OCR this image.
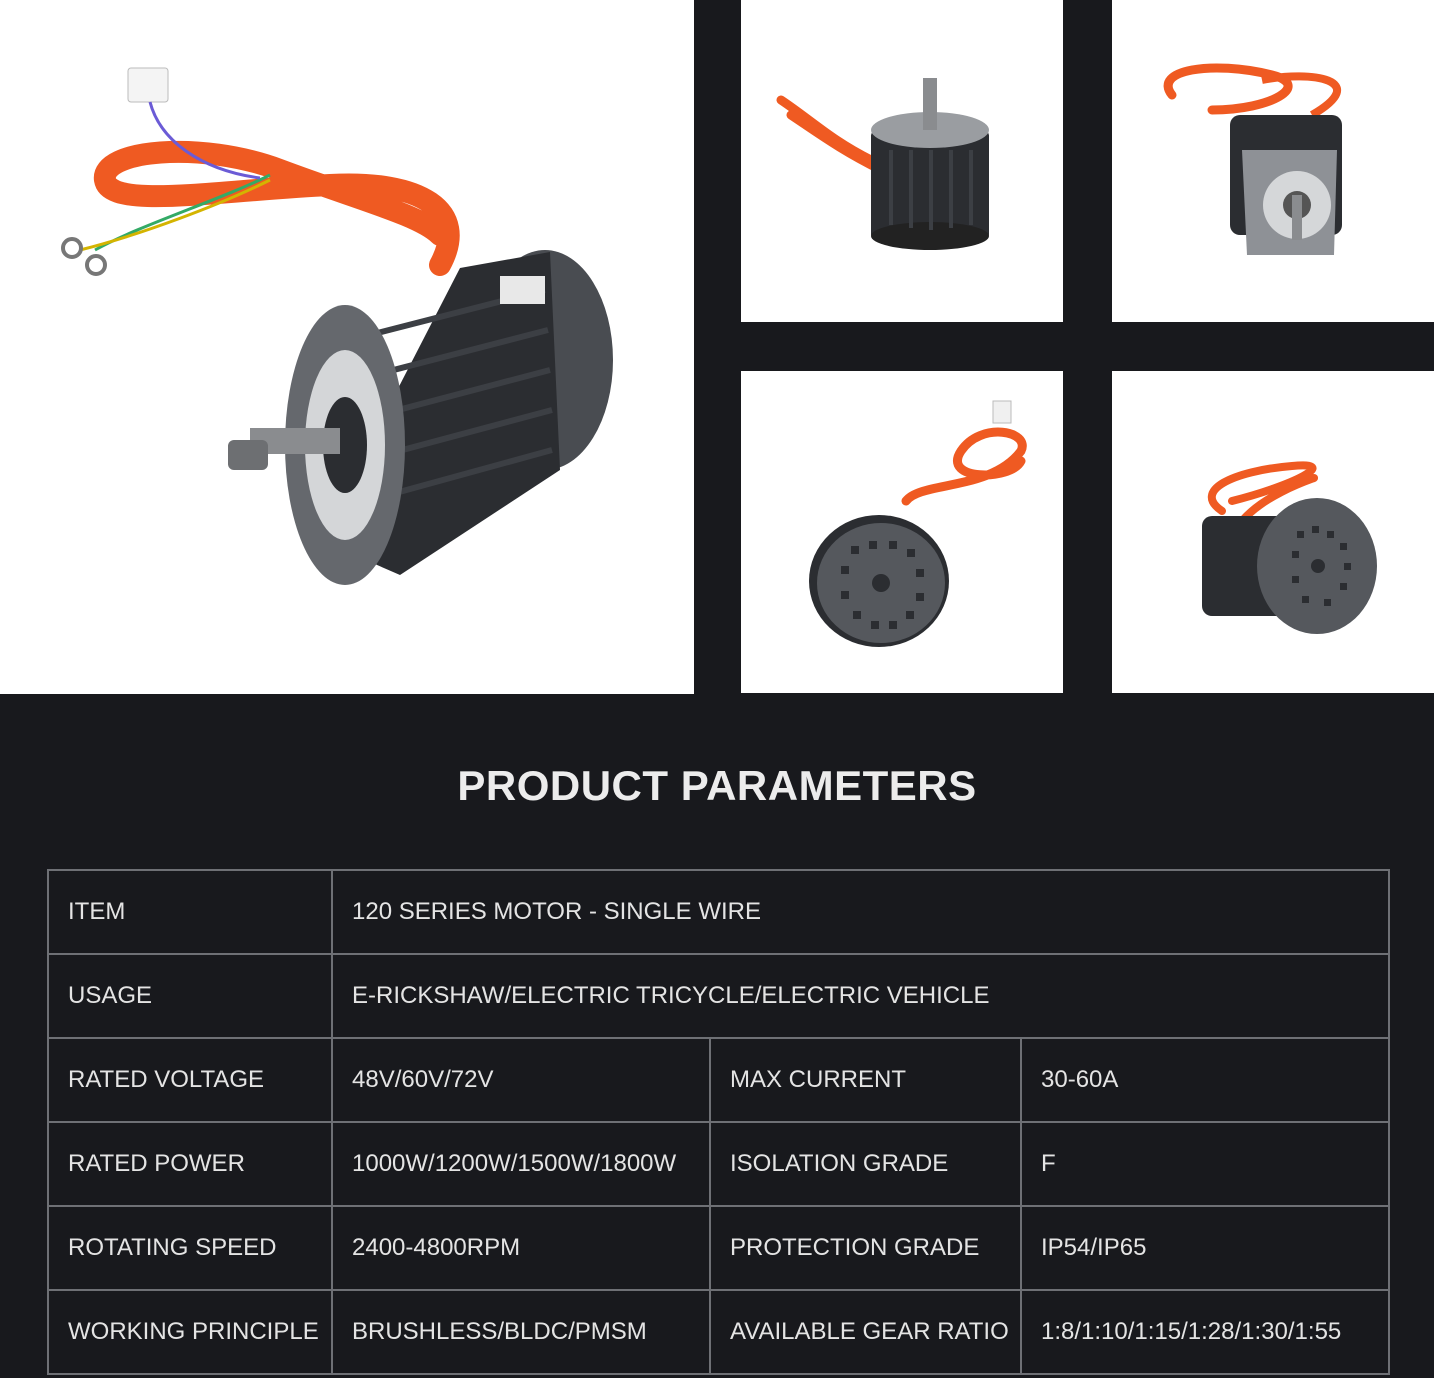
PRODUCT PARAMETERS
ITEM	120 SERIES MOTOR - SINGLE WIRE		
USAGE	E-RICKSHAW/ELECTRIC TRICYCLE/ELECTRIC VEHICLE		
RATED VOLTAGE	48V/60V/72V	MAX CURRENT	30-60A
RATED POWER	1000W/1200W/1500W/1800W	ISOLATION GRADE	F
ROTATING SPEED	2400-4800RPM	PROTECTION GRADE	IP54/IP65
WORKING PRINCIPLE	BRUSHLESS/BLDC/PMSM	AVAILABLE GEAR RATIO	1:8/1:10/1:15/1:28/1:30/1:55
